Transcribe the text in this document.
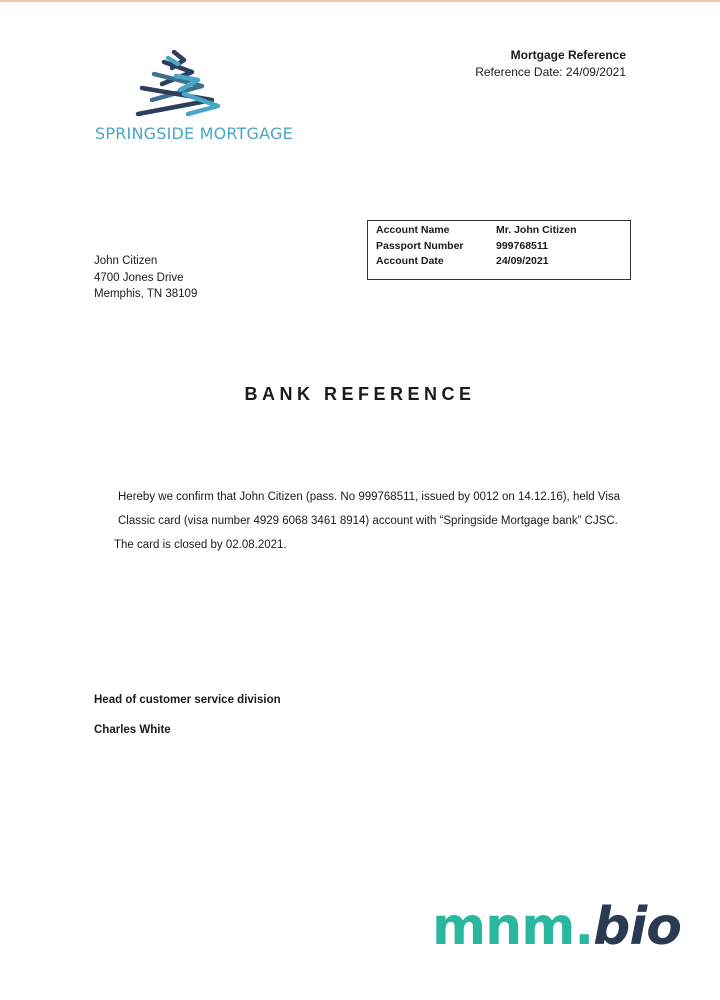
SPRINGSIDE MORTGAGE
Mortgage Reference
Reference Date: 24/09/2021
Account Name	Mr. John Citizen
Passport Number	999768511
Account Date	24/09/2021
John Citizen
4700 Jones Drive
Memphis, TN 38109
BANK REFERENCE

Hereby we confirm that John Citizen (pass. No 999768511, issued by 0012 on 14.12.16), held Visa Classic card (visa number 4929 6068 3461 8914) account with “Springside Mortgage bank” CJSC.

The card is closed by 02.08.2021.

Head of customer service division
Charles White
mnm.bio
